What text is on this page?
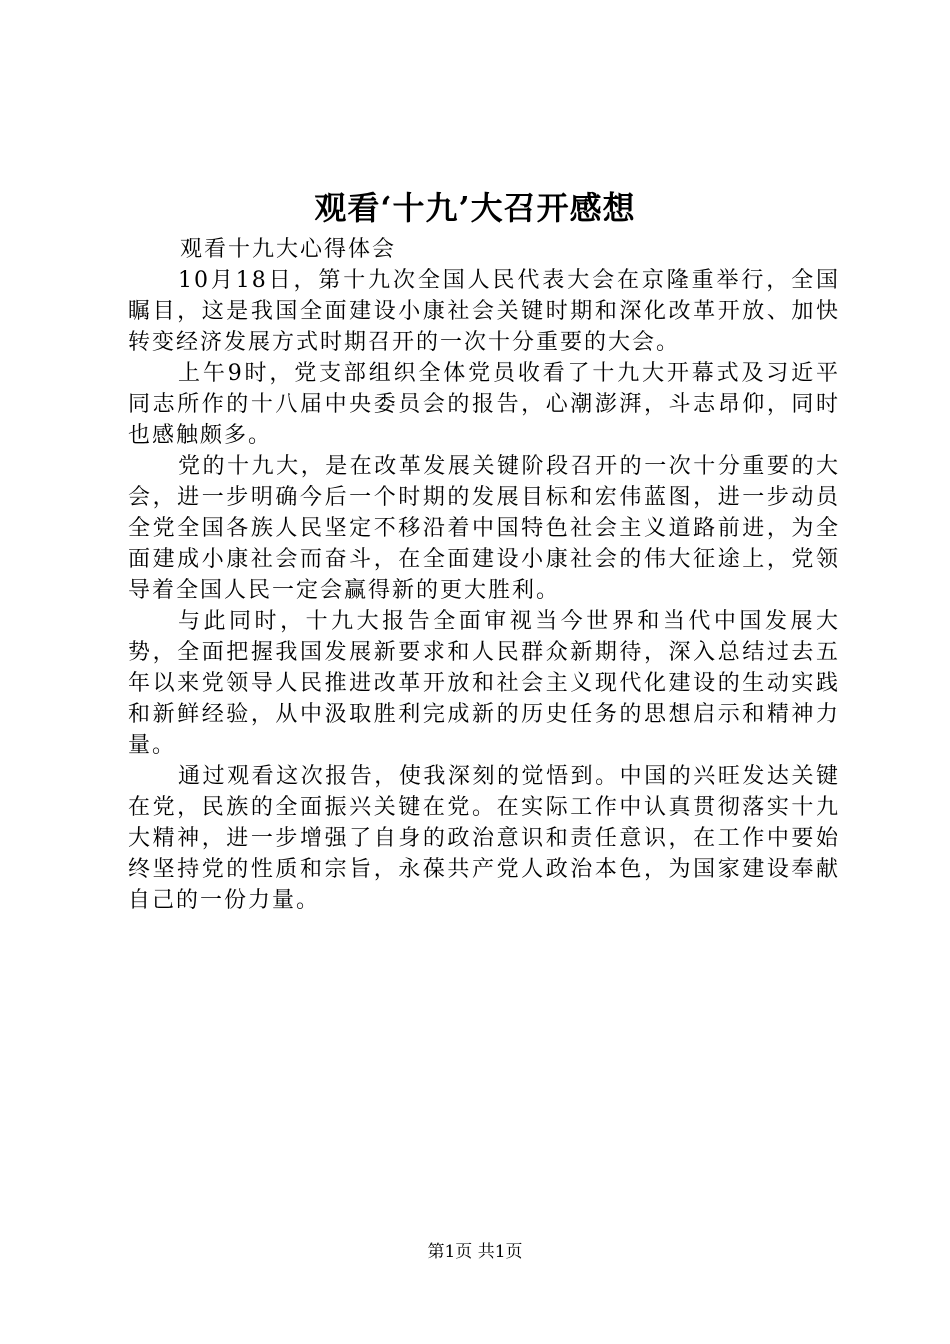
观看‘十九’大召开感想

观看十九大心得体会

10月18日，第十九次全国人民代表大会在京隆重举行，全国瞩目，这是我国全面建设小康社会关键时期和深化改革开放、加快转变经济发展方式时期召开的一次十分重要的大会。

上午9时，党支部组织全体党员收看了十九大开幕式及习近平同志所作的十八届中央委员会的报告，心潮澎湃，斗志昂仰，同时也感触颇多。

党的十九大，是在改革发展关键阶段召开的一次十分重要的大会，进一步明确今后一个时期的发展目标和宏伟蓝图，进一步动员全党全国各族人民坚定不移沿着中国特色社会主义道路前进，为全面建成小康社会而奋斗，在全面建设小康社会的伟大征途上，党领导着全国人民一定会赢得新的更大胜利。

与此同时，十九大报告全面审视当今世界和当代中国发展大势，全面把握我国发展新要求和人民群众新期待，深入总结过去五年以来党领导人民推进改革开放和社会主义现代化建设的生动实践和新鲜经验，从中汲取胜利完成新的历史任务的思想启示和精神力量。

通过观看这次报告，使我深刻的觉悟到。中国的兴旺发达关键在党，民族的全面振兴关键在党。在实际工作中认真贯彻落实十九大精神，进一步增强了自身的政治意识和责任意识，在工作中要始终坚持党的性质和宗旨，永葆共产党人政治本色，为国家建设奉献自己的一份力量。

第1页 共1页
